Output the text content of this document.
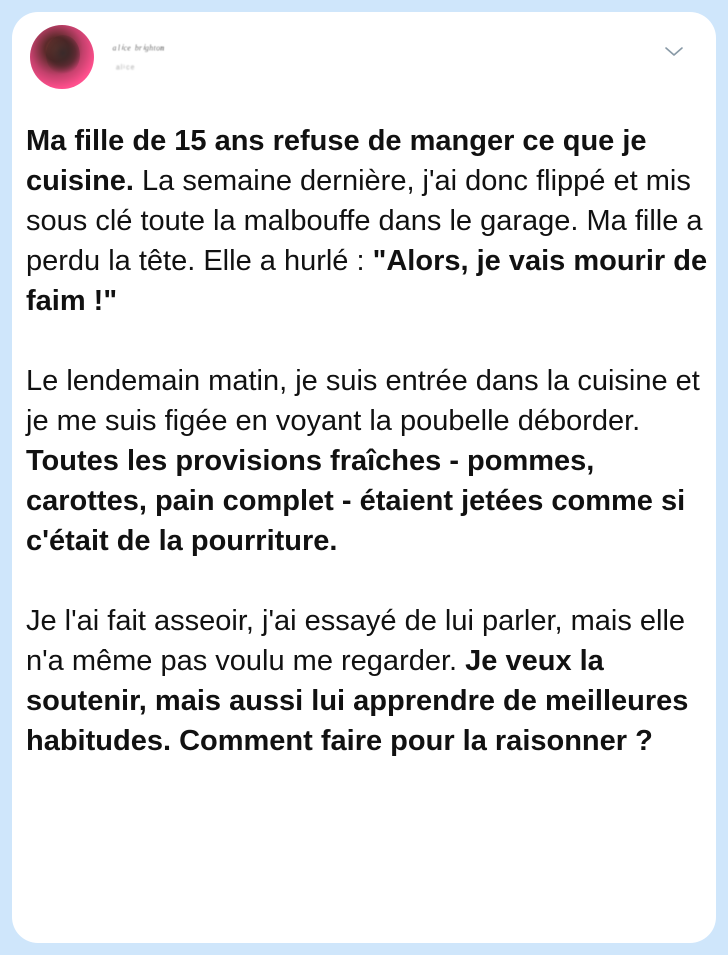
ᵃˡⁱᶜᵉ ᵇʳⁱᵍʰᵗᵒⁿ
ᵃˡⁱᶜᵉ

Ma fille de 15 ans refuse de manger ce que je cuisine. La semaine dernière, j'ai donc flippé et mis sous clé toute la malbouffe dans le garage. Ma fille a perdu la tête. Elle a hurlé : "Alors, je vais mourir de faim !"

Le lendemain matin, je suis entrée dans la cuisine et je me suis figée en voyant la poubelle déborder. Toutes les provisions fraîches - pommes, carottes, pain complet - étaient jetées comme si c'était de la pourriture.

Je l'ai fait asseoir, j'ai essayé de lui parler, mais elle n'a même pas voulu me regarder. Je veux la soutenir, mais aussi lui apprendre de meilleures habitudes. Comment faire pour la raisonner ?
